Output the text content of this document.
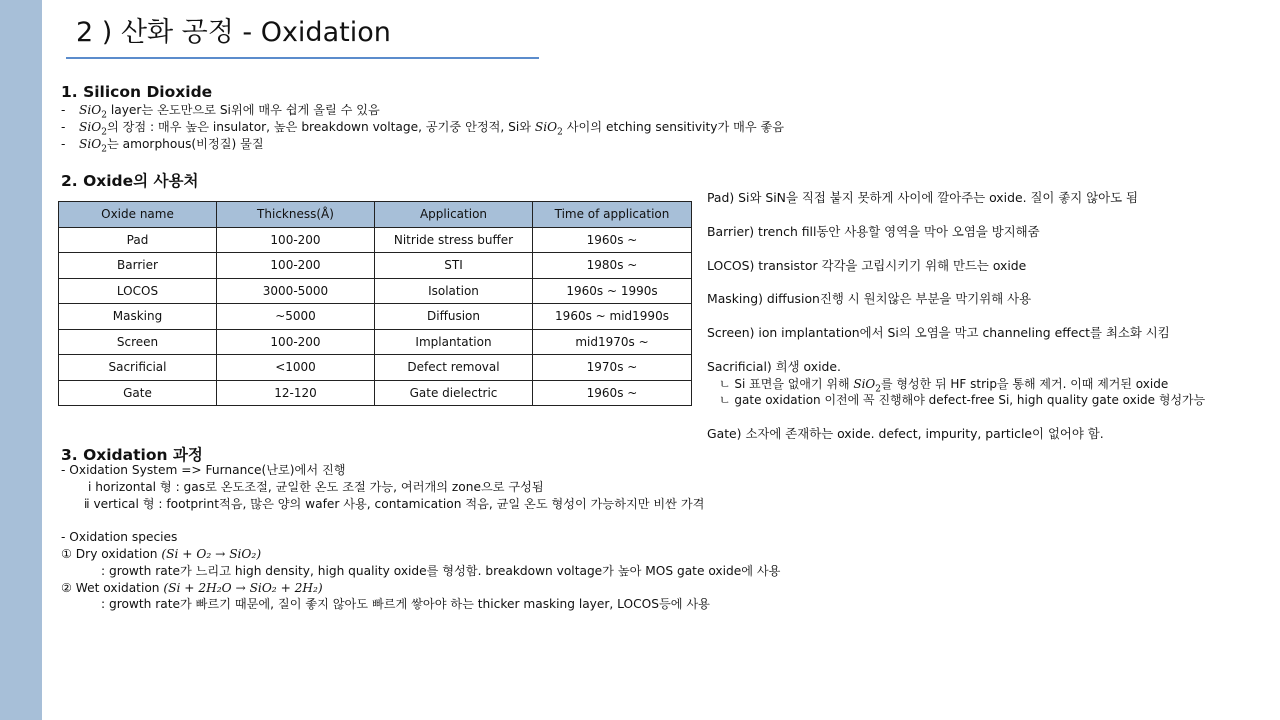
2 ) 산화 공정 - Oxidation
1. Silicon Dioxide
- SiO$_2$ layer는 온도만으로 Si위에 매우 쉽게 올릴 수 있음
- SiO$_2$의 장점 : 매우 높은 insulator, 높은 breakdown voltage, 공기중 안정적, Si와 SiO$_2$ 사이의 etching sensitivity가 매우 좋음
- SiO$_2$는 amorphous(비정질) 물질
2. Oxide의 사용처
Oxide name	Thickness(Å)	Application	Time of application
Pad	100-200	Nitride stress buffer	1960s ~
Barrier	100-200	STI	1980s ~
LOCOS	3000-5000	Isolation	1960s ~ 1990s
Masking	~5000	Diffusion	1960s ~ mid1990s
Screen	100-200	Implantation	mid1970s ~
Sacrificial	<1000	Defect removal	1970s ~
Gate	12-120	Gate dielectric	1960s ~
Pad) Si와 SiN을 직접 붙지 못하게 사이에 깔아주는 oxide. 질이 좋지 않아도 됨
Barrier) trench fill동안 사용할 영역을 막아 오염을 방지해줌
LOCOS) transistor 각각을 고립시키기 위해 만드는 oxide
Masking) diffusion진행 시 원치않은 부분을 막기위해 사용
Screen) ion implantation에서 Si의 오염을 막고 channeling effect를 최소화 시킴
Sacrificial) 희생 oxide.
ㄴ Si 표면을 없애기 위해 SiO$_2$를 형성한 뒤 HF strip을 통해 제거. 이때 제거된 oxide
ㄴ gate oxidation 이전에 꼭 진행해야 defect-free Si, high quality gate oxide 형성가능
Gate) 소자에 존재하는 oxide. defect, impurity, particle이 없어야 함.
3. Oxidation 과정
- Oxidation System => Furnance(난로)에서 진행
ⅰ horizontal 형 : gas로 온도조절, 균일한 온도 조절 가능, 여러개의 zone으로 구성됨
ⅱ vertical 형 : footprint적음, 많은 양의 wafer 사용, contamication 적음, 균일 온도 형성이 가능하지만 비싼 가격
- Oxidation species
① Dry oxidation (Si + O₂ → SiO₂)
: growth rate가 느리고 high density, high quality oxide를 형성함. breakdown voltage가 높아 MOS gate oxide에 사용
② Wet oxidation (Si + 2H₂O → SiO₂ + 2H₂)
: growth rate가 빠르기 때문에, 질이 좋지 않아도 빠르게 쌓아야 하는 thicker masking layer, LOCOS등에 사용
